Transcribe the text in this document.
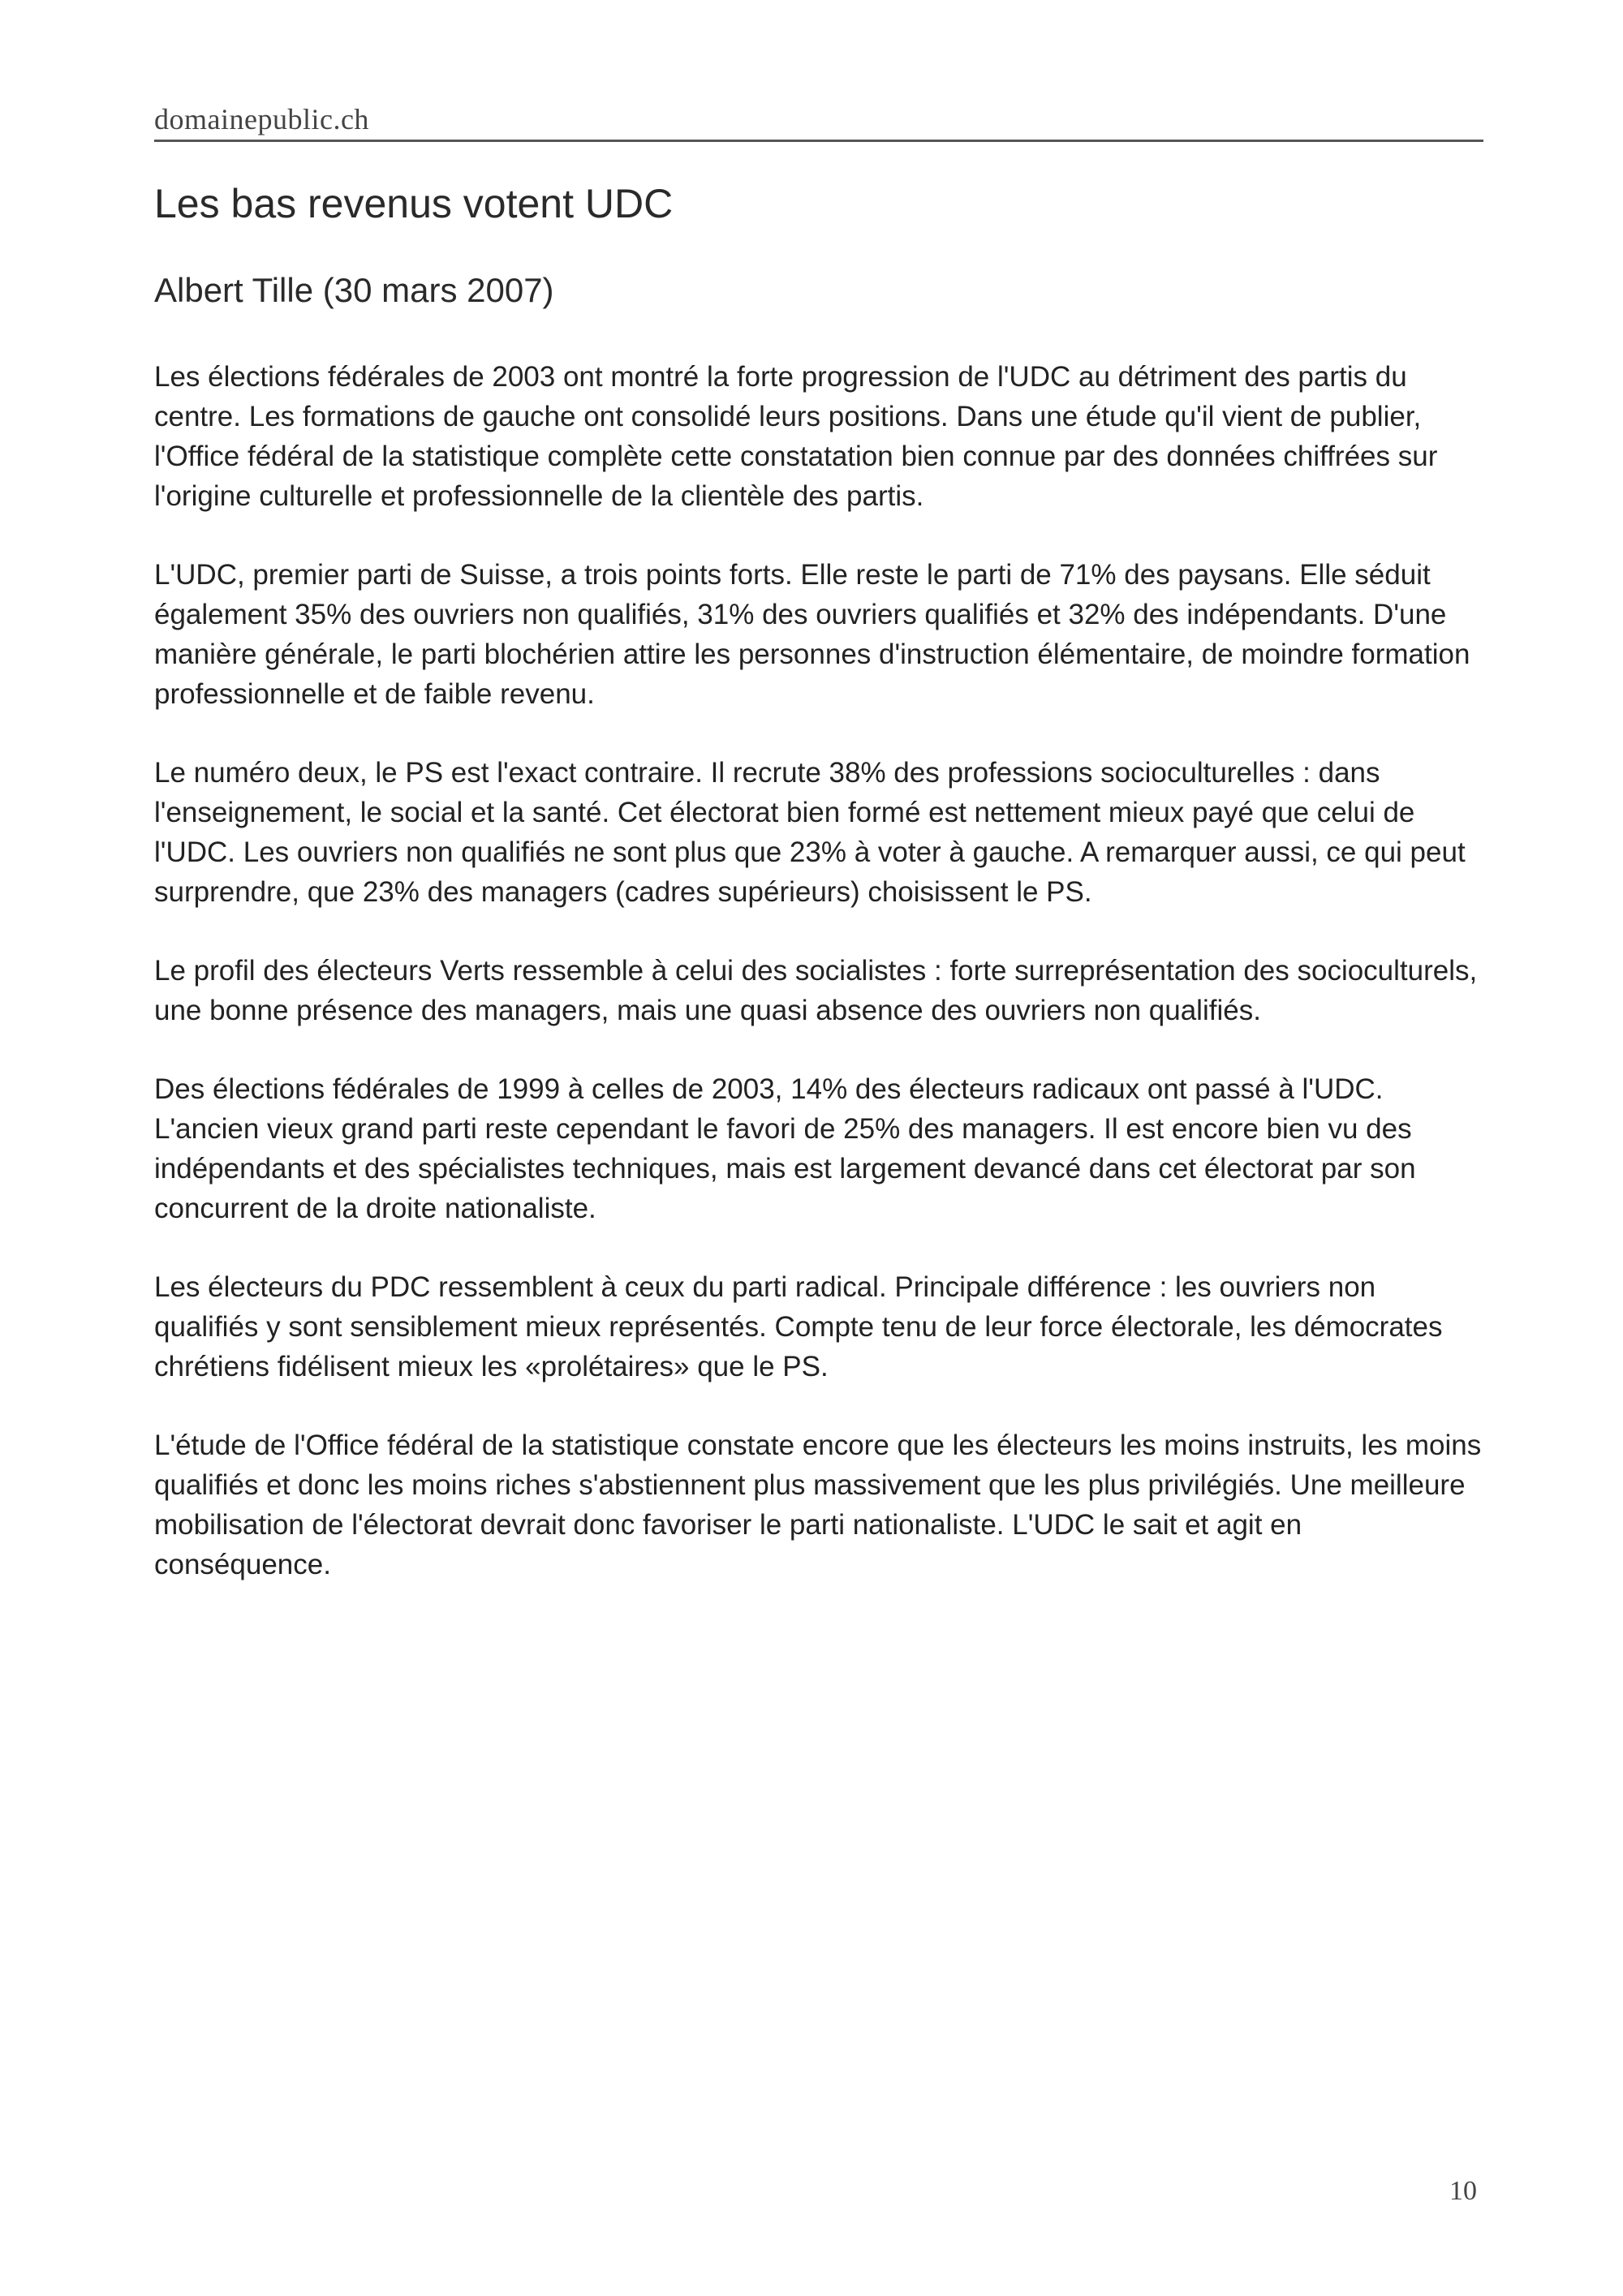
domainepublic.ch
Les bas revenus votent UDC
Albert Tille (30 mars 2007)

Les élections fédérales de 2003 ont montré la forte progression de l'UDC au détriment des partis du centre. Les formations de gauche ont consolidé leurs positions. Dans une étude qu'il vient de publier, l'Office fédéral de la statistique complète cette constatation bien connue par des données chiffrées sur l'origine culturelle et professionnelle de la clientèle des partis.

L'UDC, premier parti de Suisse, a trois points forts. Elle reste le parti de 71% des paysans. Elle séduit également 35% des ouvriers non qualifiés, 31% des ouvriers qualifiés et 32% des indépendants. D'une manière générale, le parti blochérien attire les personnes d'instruction élémentaire, de moindre formation professionnelle et de faible revenu.

Le numéro deux, le PS est l'exact contraire. Il recrute 38% des professions socioculturelles : dans l'enseignement, le social et la santé. Cet électorat bien formé est nettement mieux payé que celui de l'UDC. Les ouvriers non qualifiés ne sont plus que 23% à voter à gauche. A remarquer aussi, ce qui peut surprendre, que 23% des managers (cadres supérieurs) choisissent le PS.

Le profil des électeurs Verts ressemble à celui des socialistes : forte surreprésentation des socioculturels, une bonne présence des managers, mais une quasi absence des ouvriers non qualifiés.

Des élections fédérales de 1999 à celles de 2003, 14% des électeurs radicaux ont passé à l'UDC. L'ancien vieux grand parti reste cependant le favori de 25% des managers. Il est encore bien vu des indépendants et des spécialistes techniques, mais est largement devancé dans cet électorat par son concurrent de la droite nationaliste.

Les électeurs du PDC ressemblent à ceux du parti radical. Principale différence : les ouvriers non qualifiés y sont sensiblement mieux représentés. Compte tenu de leur force électorale, les démocrates chrétiens fidélisent mieux les «prolétaires» que le PS.

L'étude de l'Office fédéral de la statistique constate encore que les électeurs les moins instruits, les moins qualifiés et donc les moins riches s'abstiennent plus massivement que les plus privilégiés. Une meilleure mobilisation de l'électorat devrait donc favoriser le parti nationaliste. L'UDC le sait et agit en conséquence.

10
